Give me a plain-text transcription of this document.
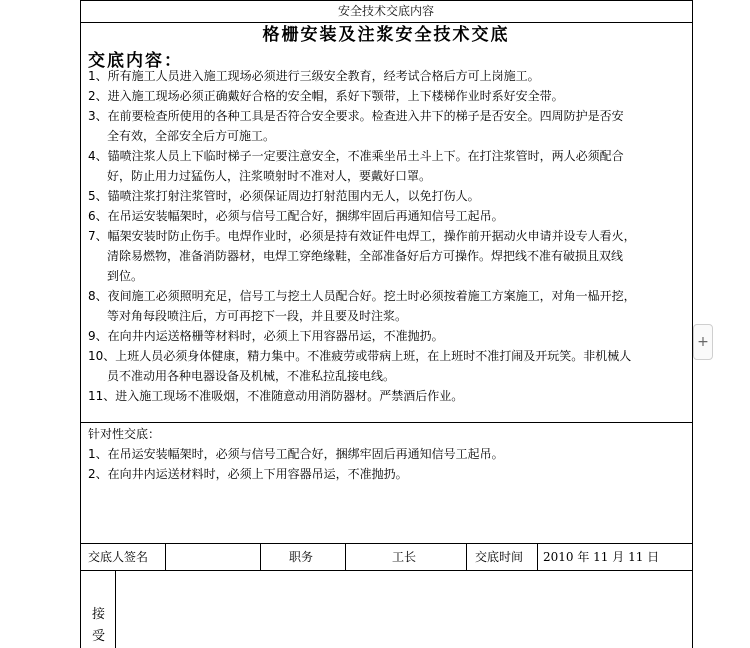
安全技术交底内容
格栅安装及注浆安全技术交底
交底内容：
1、所有施工人员进入施工现场必须进行三级安全教育，经考试合格后方可上岗施工。
2、进入施工现场必须正确戴好合格的安全帽，系好下颚带，上下楼梯作业时系好安全带。
3、在前要检查所使用的各种工具是否符合安全要求。检查进入井下的梯子是否安全。四周防护是否安
全有效，全部安全后方可施工。
4、锚喷注浆人员上下临时梯子一定要注意安全，不准乘坐吊土斗上下。在打注浆管时，两人必须配合
好，防止用力过猛伤人，注浆喷射时不准对人，要戴好口罩。
5、锚喷注浆打射注浆管时，必须保证周边打射范围内无人，以免打伤人。
6、在吊运安装幅架时，必须与信号工配合好，捆绑牢固后再通知信号工起吊。
7、幅架安装时防止伤手。电焊作业时，必须是持有效证件电焊工，操作前开据动火申请并设专人看火，
清除易燃物，准备消防器材，电焊工穿绝缘鞋，全部准备好后方可操作。焊把线不准有破损且双线
到位。
8、夜间施工必须照明充足，信号工与挖土人员配合好。挖土时必须按着施工方案施工，对角一榀开挖，
等对角每段喷注后，方可再挖下一段，并且要及时注浆。
9、在向井内运送格栅等材料时，必须上下用容器吊运，不准抛扔。
10、上班人员必须身体健康，精力集中。不准疲劳或带病上班，在上班时不准打闹及开玩笑。非机械人
员不准动用各种电器设备及机械，不准私拉乱接电线。
11、进入施工现场不准吸烟，不准随意动用消防器材。严禁酒后作业。
针对性交底：
1、在吊运安装幅架时，必须与信号工配合好，捆绑牢固后再通知信号工起吊。
2、在向井内运送材料时，必须上下用容器吊运，不准抛扔。
交底人签名	职务	工长	交底时间 2010 年 11 月 11 日
接受
+
